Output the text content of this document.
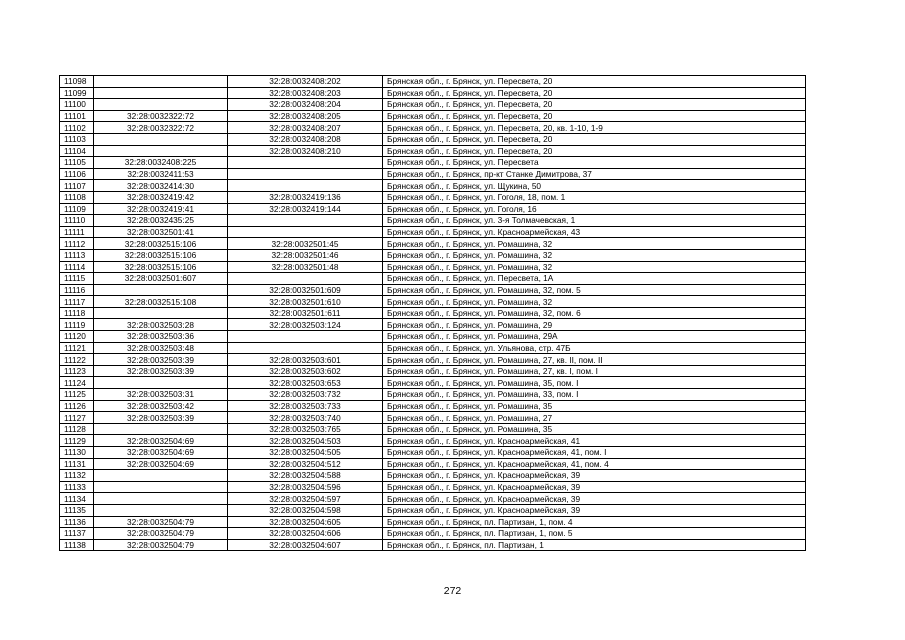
11098		32:28:0032408:202	Брянская обл., г. Брянск, ул. Пересвета, 20
11099		32:28:0032408:203	Брянская обл., г. Брянск, ул. Пересвета, 20
11100		32:28:0032408:204	Брянская обл., г. Брянск, ул. Пересвета, 20
11101	32:28:0032322:72	32:28:0032408:205	Брянская обл., г. Брянск, ул. Пересвета, 20
11102	32:28:0032322:72	32:28:0032408:207	Брянская обл., г. Брянск, ул. Пересвета, 20, кв. 1-10, 1-9
11103		32:28:0032408:208	Брянская обл., г. Брянск, ул. Пересвета, 20
11104		32:28:0032408:210	Брянская обл., г. Брянск, ул. Пересвета, 20
11105	32:28:0032408:225		Брянская обл., г. Брянск, ул. Пересвета
11106	32:28:0032411:53		Брянская обл., г. Брянск, пр-кт Станке Димитрова, 37
11107	32:28:0032414:30		Брянская обл., г. Брянск, ул. Щукина, 50
11108	32:28:0032419:42	32:28:0032419:136	Брянская обл., г. Брянск, ул. Гоголя, 18, пом. 1
11109	32:28:0032419:41	32:28:0032419:144	Брянская обл., г. Брянск, ул. Гоголя, 16
11110	32:28:0032435:25		Брянская обл., г. Брянск, ул. 3-я Толмачевская, 1
11111	32:28:0032501:41		Брянская обл., г. Брянск, ул. Красноармейская, 43
11112	32:28:0032515:106	32:28:0032501:45	Брянская обл., г. Брянск, ул. Ромашина, 32
11113	32:28:0032515:106	32:28:0032501:46	Брянская обл., г. Брянск, ул. Ромашина, 32
11114	32:28:0032515:106	32:28:0032501:48	Брянская обл., г. Брянск, ул. Ромашина, 32
11115	32:28:0032501:607		Брянская обл., г. Брянск, ул. Пересвета, 1А
11116		32:28:0032501:609	Брянская обл., г. Брянск, ул. Ромашина, 32, пом. 5
11117	32:28:0032515:108	32:28:0032501:610	Брянская обл., г. Брянск, ул. Ромашина, 32
11118		32:28:0032501:611	Брянская обл., г. Брянск, ул. Ромашина, 32, пом. 6
11119	32:28:0032503:28	32:28:0032503:124	Брянская обл., г. Брянск, ул. Ромашина, 29
11120	32:28:0032503:36		Брянская обл., г. Брянск, ул. Ромашина, 29А
11121	32:28:0032503:48		Брянская обл., г. Брянск, ул. Ульянова, стр. 47Б
11122	32:28:0032503:39	32:28:0032503:601	Брянская обл., г. Брянск, ул. Ромашина, 27, кв. II, пом. II
11123	32:28:0032503:39	32:28:0032503:602	Брянская обл., г. Брянск, ул. Ромашина, 27, кв. I, пом. I
11124		32:28:0032503:653	Брянская обл., г. Брянск, ул. Ромашина, 35, пом. I
11125	32:28:0032503:31	32:28:0032503:732	Брянская обл., г. Брянск, ул. Ромашина, 33, пом. I
11126	32:28:0032503:42	32:28:0032503:733	Брянская обл., г. Брянск, ул. Ромашина, 35
11127	32:28:0032503:39	32:28:0032503:740	Брянская обл., г. Брянск, ул. Ромашина, 27
11128		32:28:0032503:765	Брянская обл., г. Брянск, ул. Ромашина, 35
11129	32:28:0032504:69	32:28:0032504:503	Брянская обл., г. Брянск, ул. Красноармейская, 41
11130	32:28:0032504:69	32:28:0032504:505	Брянская обл., г. Брянск, ул. Красноармейская, 41, пом. I
11131	32:28:0032504:69	32:28:0032504:512	Брянская обл., г. Брянск, ул. Красноармейская, 41, пом. 4
11132		32:28:0032504:588	Брянская обл., г. Брянск, ул. Красноармейская, 39
11133		32:28:0032504:596	Брянская обл., г. Брянск, ул. Красноармейская, 39
11134		32:28:0032504:597	Брянская обл., г. Брянск, ул. Красноармейская, 39
11135		32:28:0032504:598	Брянская обл., г. Брянск, ул. Красноармейская, 39
11136	32:28:0032504:79	32:28:0032504:605	Брянская обл., г. Брянск, пл. Партизан, 1, пом. 4
11137	32:28:0032504:79	32:28:0032504:606	Брянская обл., г. Брянск, пл. Партизан, 1, пом. 5
11138	32:28:0032504:79	32:28:0032504:607	Брянская обл., г. Брянск, пл. Партизан, 1
272
